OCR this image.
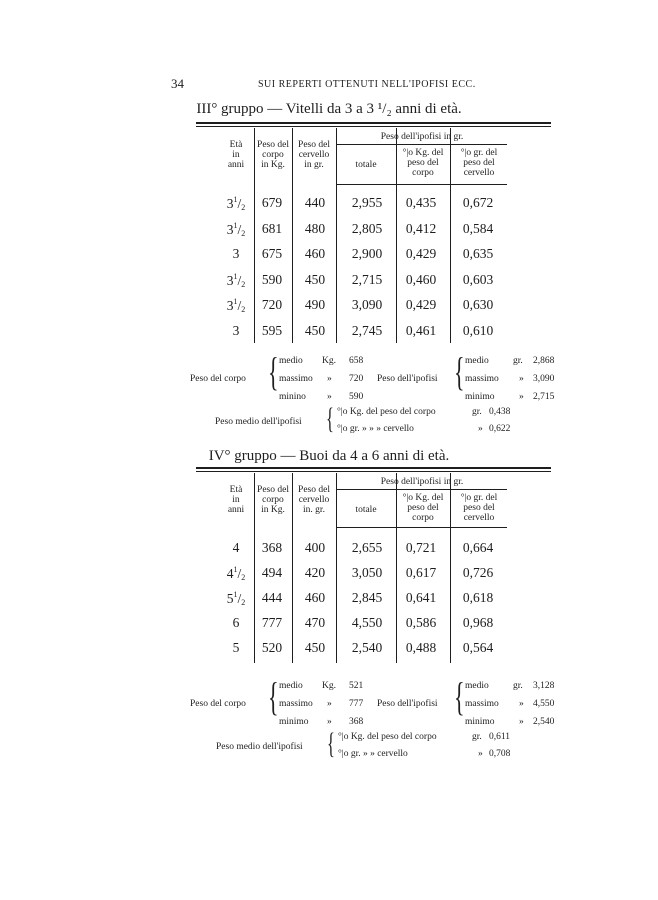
34	SUI REPERTI OTTENUTI NELL'IPOFISI ECC.
III° gruppo — Vitelli da 3 a 3 ¹/₂ anni di età.
Età
in
anni
Peso del
corpo
in Kg.
Peso del
cervello
in gr.
Peso dell'ipofisi in gr.
totale
°|o Kg. del
peso del
corpo
°|o gr. del
peso del
cervello
$3^1/_2$	679	440	2,955	0,435	0,672
$3^1/_2$	681	480	2,805	0,412	0,584
3	675	460	2,900	0,429	0,635
$3^1/_2$	590	450	2,715	0,460	0,603
$3^1/_2$	720	490	3,090	0,429	0,630
3	595	450	2,745	0,461	0,610
Peso del corpo { medio Kg. 658
massimo » 720
minino » 590
Peso dell'ipofisi { medio	gr. 2,868
massimo » 3,090
minimo	» 2,715
Peso medio dell'ipofisi { °|o Kg. del peso del corpo	gr. 0,438
°|o gr. » » » cervello	» 0,622
IV° gruppo — Buoi da 4 a 6 anni di età.
Età
in
anni
Peso del
corpo
in Kg.
Peso del
cervello
in. gr.
Peso dell'ipofisi in gr.
totale
°|o Kg. del
peso del
corpo
°|o gr. del
peso del
cervello
4	368	400	2,655	0,721	0,664
$4^1/_2$	494	420	3,050	0,617	0,726
$5^1/_2$	444	460	2,845	0,641	0,618
6	777	470	4,550	0,586	0,968
5	520	450	2,540	0,488	0,564
Peso del corpo { medio Kg. 521
massimo » 777
minimo » 368
Peso dell'ipofisi { medio	gr. 3,128
massimo » 4,550
minimo	» 2,540
Peso medio dell'ipofisi { °|o Kg. del peso del corpo	gr. 0,611
°|o gr. » » cervello	» 0,708
